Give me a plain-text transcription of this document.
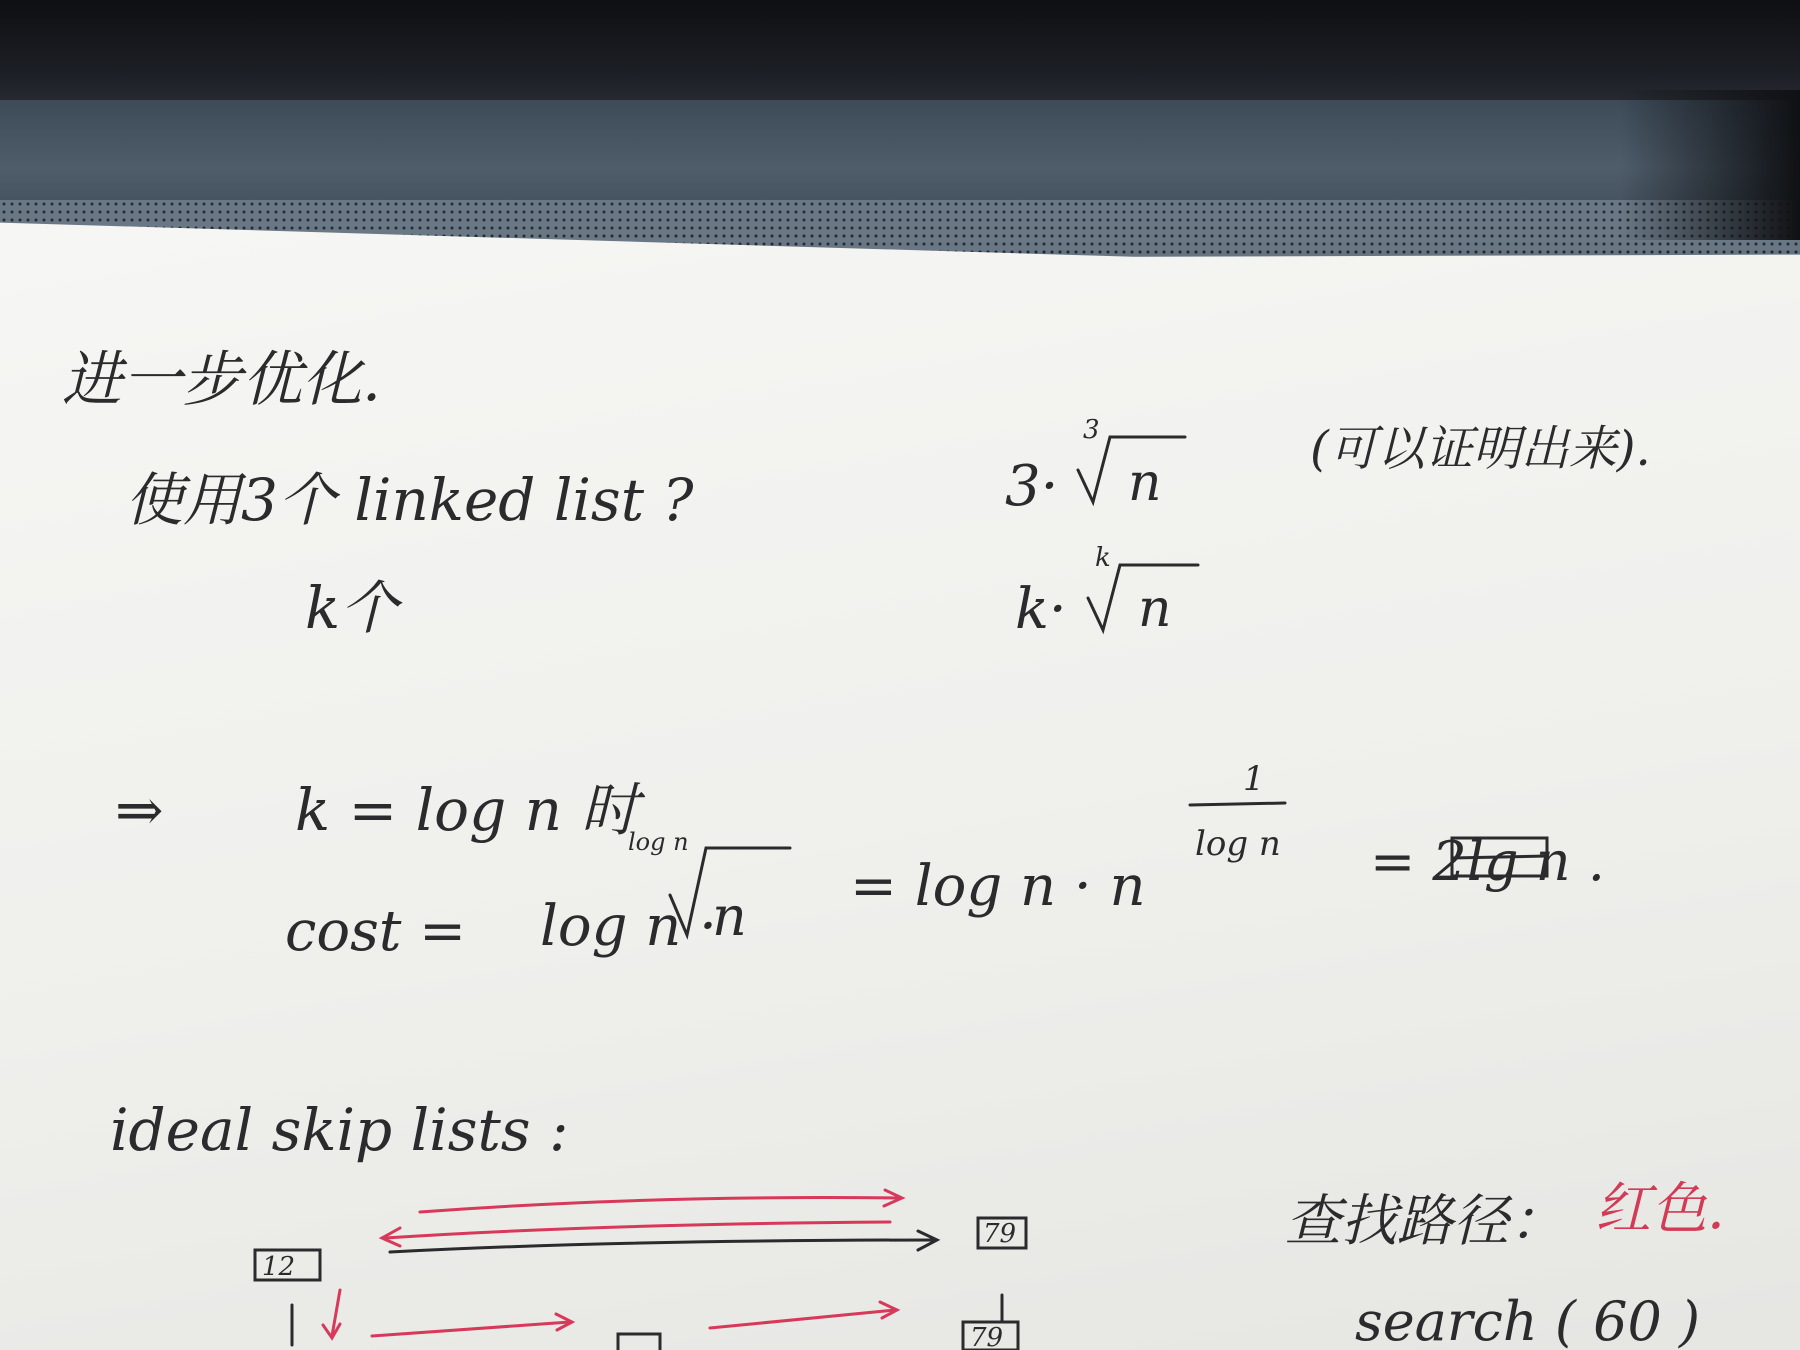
进一步优化.
使用3个 linked list ?	3·
3
n
(可以证明出来).
k个	k·
k
n
⇒ k = log n 时
cost = log n ·
log n
n = log n · n
1
log n = 2lg n .
ideal skip lists :
12
79
79
查找路径： 红色.
search ( 60 )
